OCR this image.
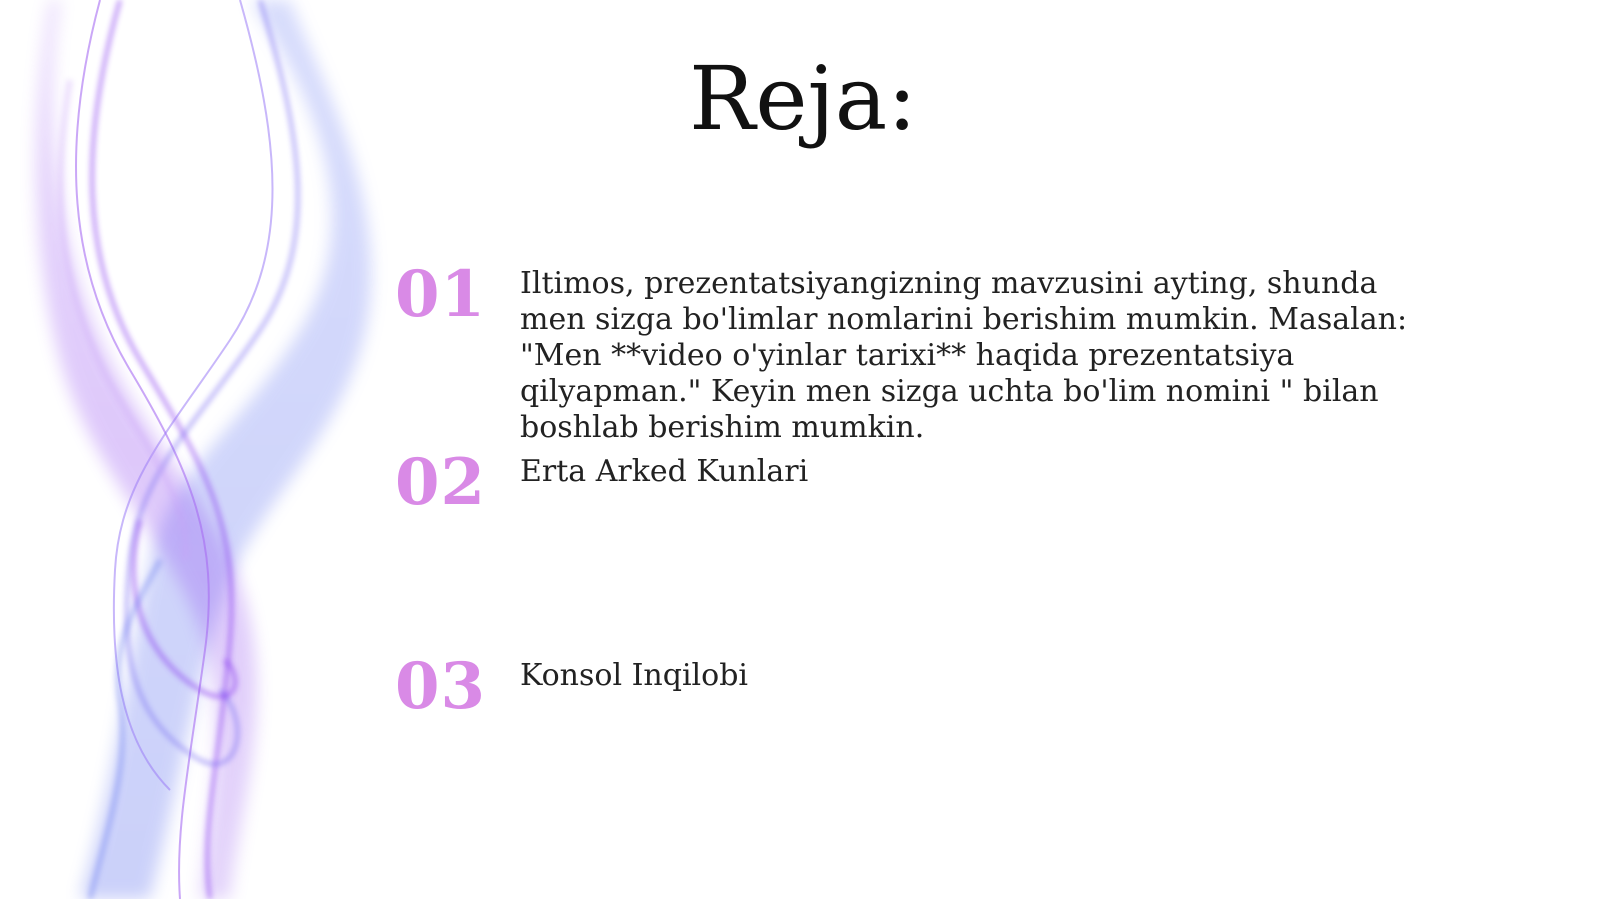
Reja:
01 Iltimos, prezentatsiyangizning mavzusini ayting, shunda men sizga bo'limlar nomlarini berishim mumkin. Masalan: "Men **video o'yinlar tarixi** haqida prezentatsiya qilyapman." Keyin men sizga uchta bo'lim nomini " bilan boshlab berishim mumkin.
02 Erta Arked Kunlari
03 Konsol Inqilobi
